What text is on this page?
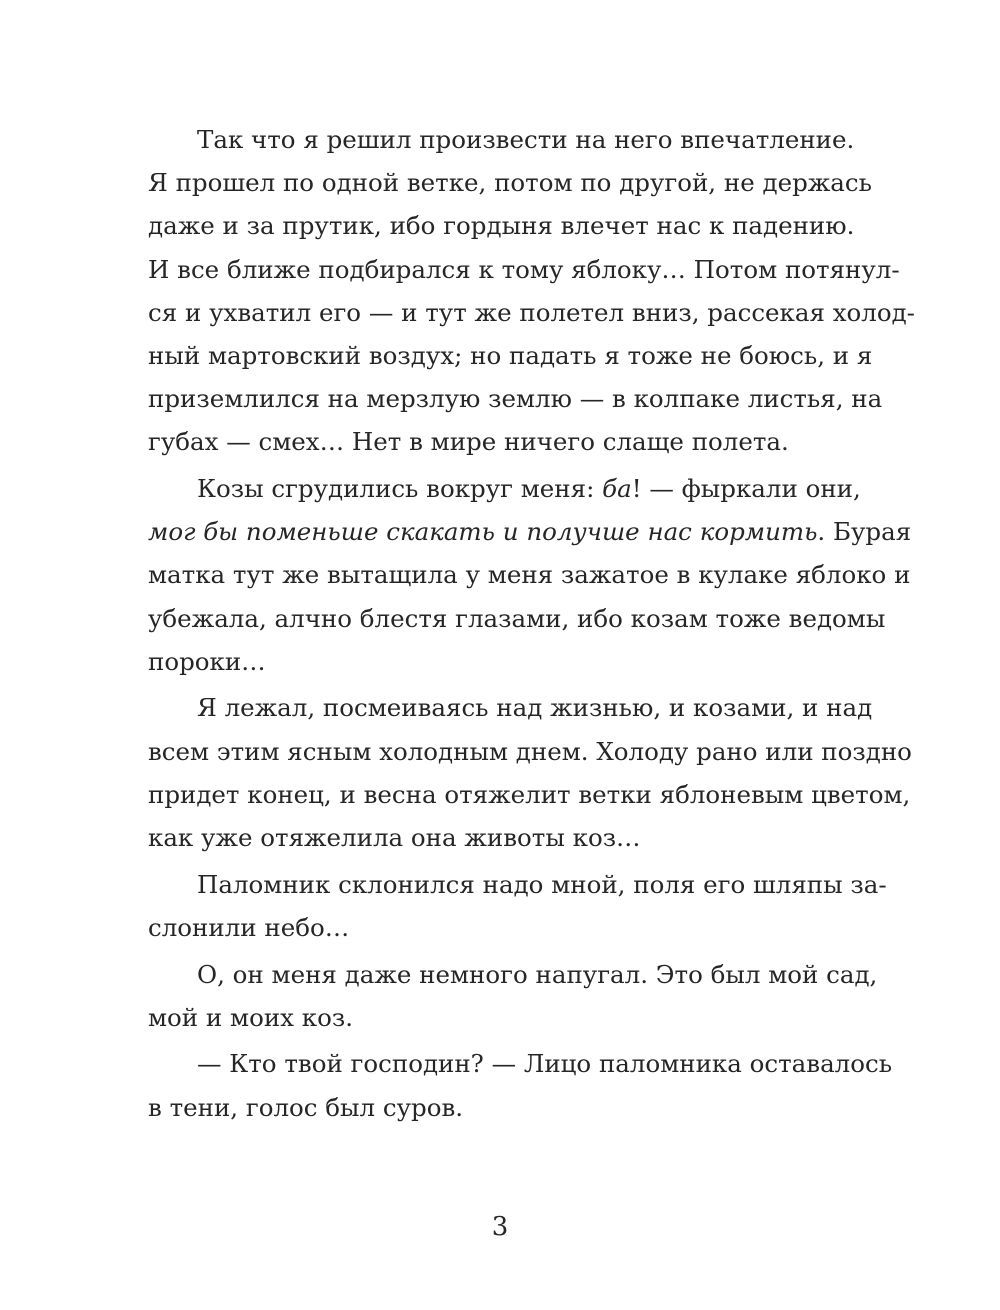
Так что я решил произвести на него впечатление.
Я прошел по одной ветке, потом по другой, не держась
даже и за прутик, ибо гордыня влечет нас к падению.
И все ближе подбирался к тому яблоку… Потом потянул-
ся и ухватил его — и тут же полетел вниз, рассекая холод-
ный мартовский воздух; но падать я тоже не боюсь, и я
приземлился на мерзлую землю — в колпаке листья, на
губах — смех… Нет в мире ничего слаще полета.
Козы сгрудились вокруг меня: ба! — фыркали они,
мог бы поменьше скакать и получше нас кормить. Бурая
матка тут же вытащила у меня зажатое в кулаке яблоко и
убежала, алчно блестя глазами, ибо козам тоже ведомы
пороки…
Я лежал, посмеиваясь над жизнью, и козами, и над
всем этим ясным холодным днем. Холоду рано или поздно
придет конец, и весна отяжелит ветки яблоневым цветом,
как уже отяжелила она животы коз…
Паломник склонился надо мной, поля его шляпы за-
слонили небо…
О, он меня даже немного напугал. Это был мой сад,
мой и моих коз.
— Кто твой господин? — Лицо паломника оставалось
в тени, голос был суров.
3
